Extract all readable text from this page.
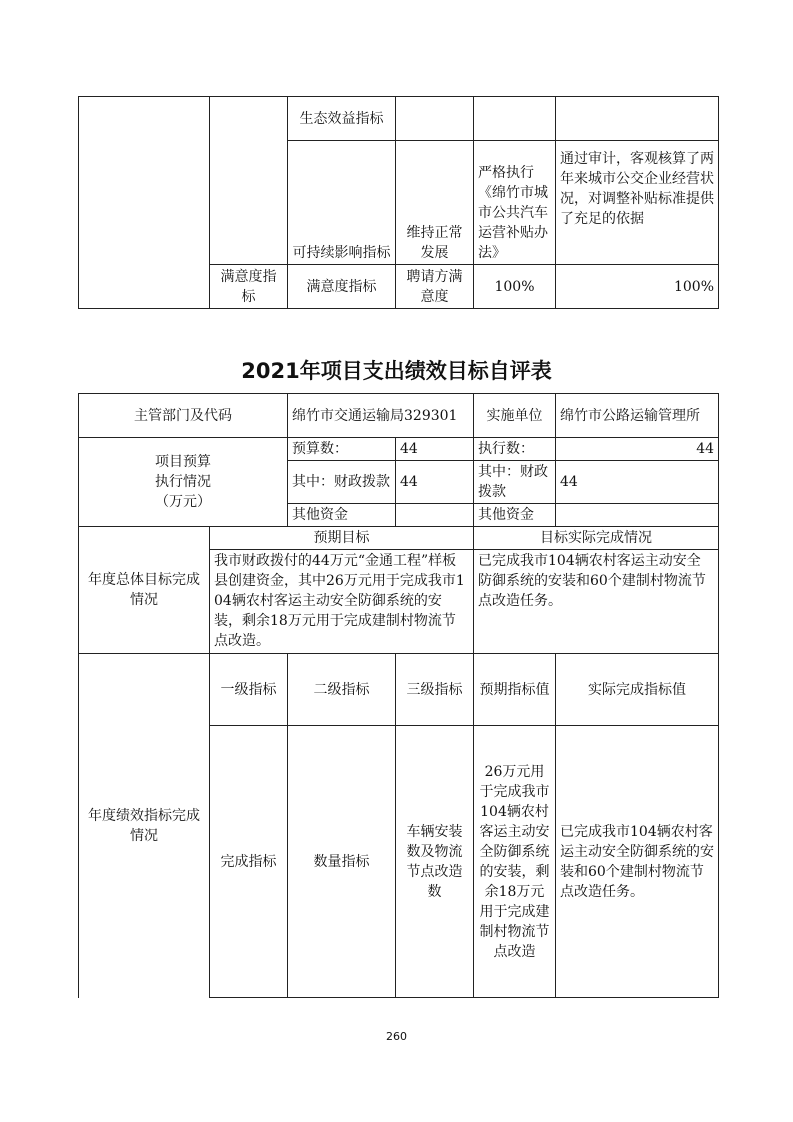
		生态效益指标			
		可持续影响指标	维持正常发展	严格执行《绵竹市城市公共汽车运营补贴办法》	通过审计，客观核算了两年来城市公交企业经营状况，对调整补贴标准提供了充足的依据
	满意度指标	满意度指标	聘请方满意度	100%	100%
2021年项目支出绩效目标自评表
主管部门及代码		绵竹市交通运输局329301		实施单位	绵竹市公路运输管理所

项目预算
执行情况
（万元）		预算数：	44	执行数：	44
		其中：财政拨款	44	其中：财政拨款	44
		其他资金		其他资金	
年度总体目标完成情况	预期目标			目标实际完成情况	
	我市财政拨付的44万元“金通工程”样板县创建资金，其中26万元用于完成我市104辆农村客运主动安全防御系统的安装，剩余18万元用于完成建制村物流节点改造。			已完成我市104辆农村客运主动安全防御系统的安装和60个建制村物流节点改造任务。	
年度绩效指标完成情况	一级指标	二级指标	三级指标	预期指标值	实际完成指标值
	完成指标	数量指标	车辆安装数及物流节点改造数	26万元用于完成我市104辆农村客运主动安全防御系统的安装，剩余18万元用于完成建制村物流节点改造	已完成我市104辆农村客运主动安全防御系统的安装和60个建制村物流节点改造任务。
260
